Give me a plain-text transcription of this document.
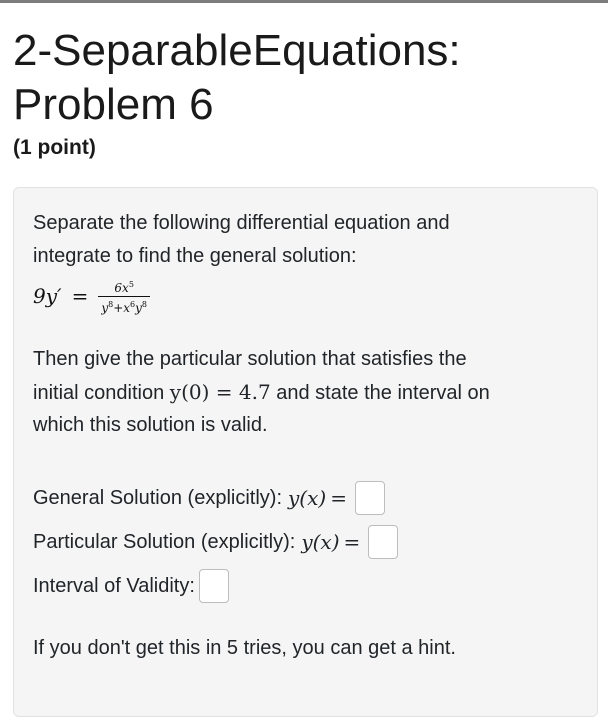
2-SeparableEquations: Problem 6
(1 point)
Separate the following differential equation and
integrate to find the general solution:
$9y' = \frac{6x^5}{y^8+x^6y^8}$
Then give the particular solution that satisfies the
initial condition y(0) = 4.7 and state the interval on
which this solution is valid.
General Solution (explicitly): y(x) =
Particular Solution (explicitly): y(x) =
Interval of Validity:
If you don't get this in 5 tries, you can get a hint.
